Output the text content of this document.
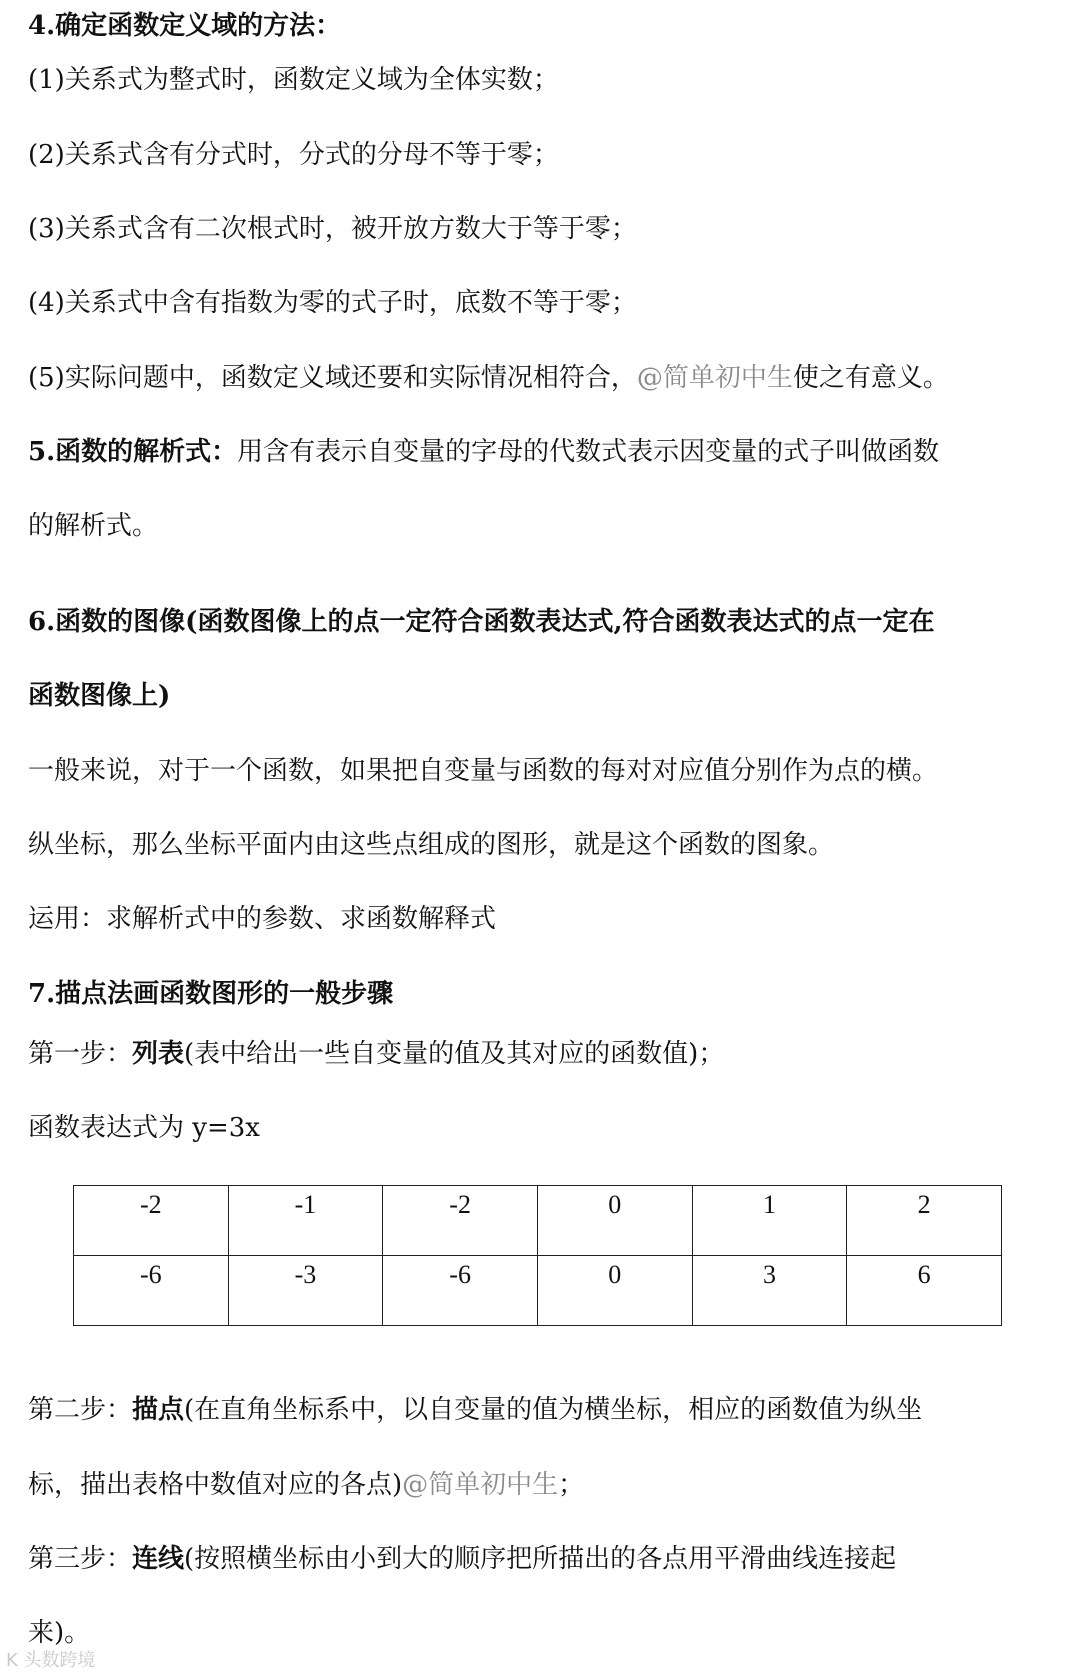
4.确定函数定义域的方法：
(1)关系式为整式时，函数定义域为全体实数；
(2)关系式含有分式时，分式的分母不等于零；
(3)关系式含有二次根式时，被开放方数大于等于零；
(4)关系式中含有指数为零的式子时，底数不等于零；
(5)实际问题中，函数定义域还要和实际情况相符合，@简单初中生使之有意义。
5.函数的解析式：用含有表示自变量的字母的代数式表示因变量的式子叫做函数
的解析式。
6.函数的图像(函数图像上的点一定符合函数表达式,符合函数表达式的点一定在
函数图像上)
一般来说，对于一个函数，如果把自变量与函数的每对对应值分别作为点的横。
纵坐标，那么坐标平面内由这些点组成的图形，就是这个函数的图象。
运用：求解析式中的参数、求函数解释式
7.描点法画函数图形的一般步骤
第一步：列表(表中给出一些自变量的值及其对应的函数值)；
函数表达式为 y=3x
-2	-1	-2	0	1	2
-6	-3	-6	0	3	6
第二步：描点(在直角坐标系中，以自变量的值为横坐标，相应的函数值为纵坐
标，描出表格中数值对应的各点)@简单初中生；
第三步：连线(按照横坐标由小到大的顺序把所描出的各点用平滑曲线连接起
来)。
K 头数跨境
